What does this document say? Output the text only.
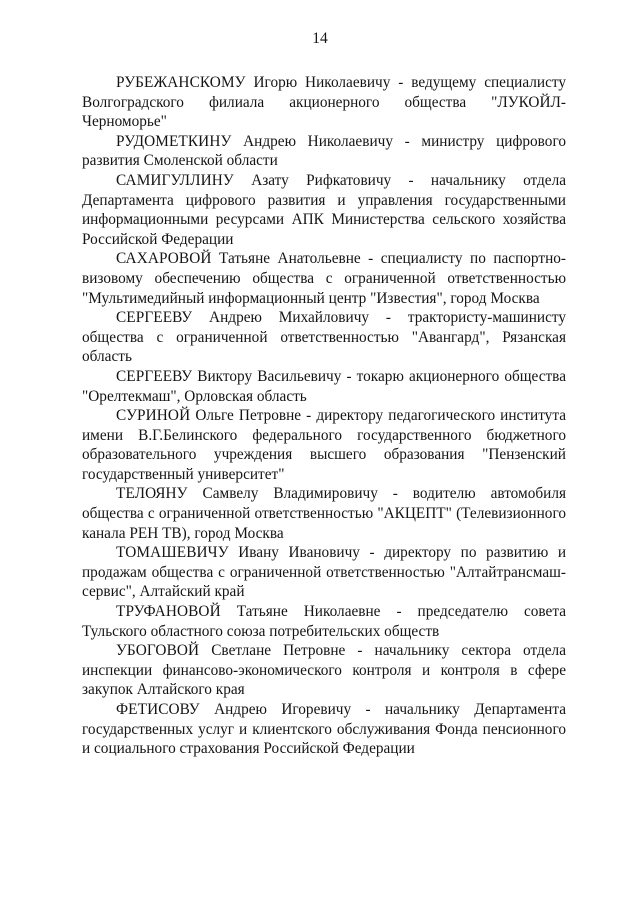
14

РУБЕЖАНСКОМУ Игорю Николаевичу - ведущему специалисту Волгоградского филиала акционерного общества "ЛУКОЙЛ-Черноморье"

РУДОМЕТКИНУ Андрею Николаевичу - министру цифрового развития Смоленской области

САМИГУЛЛИНУ Азату Рифкатовичу - начальнику отдела Департамента цифрового развития и управления государственными информационными ресурсами АПК Министерства сельского хозяйства Российской Федерации

САХАРОВОЙ Татьяне Анатольевне - специалисту по паспортно-визовому обеспечению общества с ограниченной ответственностью "Мультимедийный информационный центр "Известия", город Москва

СЕРГЕЕВУ Андрею Михайловичу - трактористу-машинисту общества с ограниченной ответственностью "Авангард", Рязанская область

СЕРГЕЕВУ Виктору Васильевичу - токарю акционерного общества "Орелтекмаш", Орловская область

СУРИНОЙ Ольге Петровне - директору педагогического института имени В.Г.Белинского федерального государственного бюджетного образовательного учреждения высшего образования "Пензенский государственный университет"

ТЕЛОЯНУ Самвелу Владимировичу - водителю автомобиля общества с ограниченной ответственностью "АКЦЕПТ" (Телевизионного канала РЕН ТВ), город Москва

ТОМАШЕВИЧУ Ивану Ивановичу - директору по развитию и продажам общества с ограниченной ответственностью "Алтайтрансмаш-сервис", Алтайский край

ТРУФАНОВОЙ Татьяне Николаевне - председателю совета Тульского областного союза потребительских обществ

УБОГОВОЙ Светлане Петровне - начальнику сектора отдела инспекции финансово-экономического контроля и контроля в сфере закупок Алтайского края

ФЕТИСОВУ Андрею Игоревичу - начальнику Департамента государственных услуг и клиентского обслуживания Фонда пенсионного и социального страхования Российской Федерации
